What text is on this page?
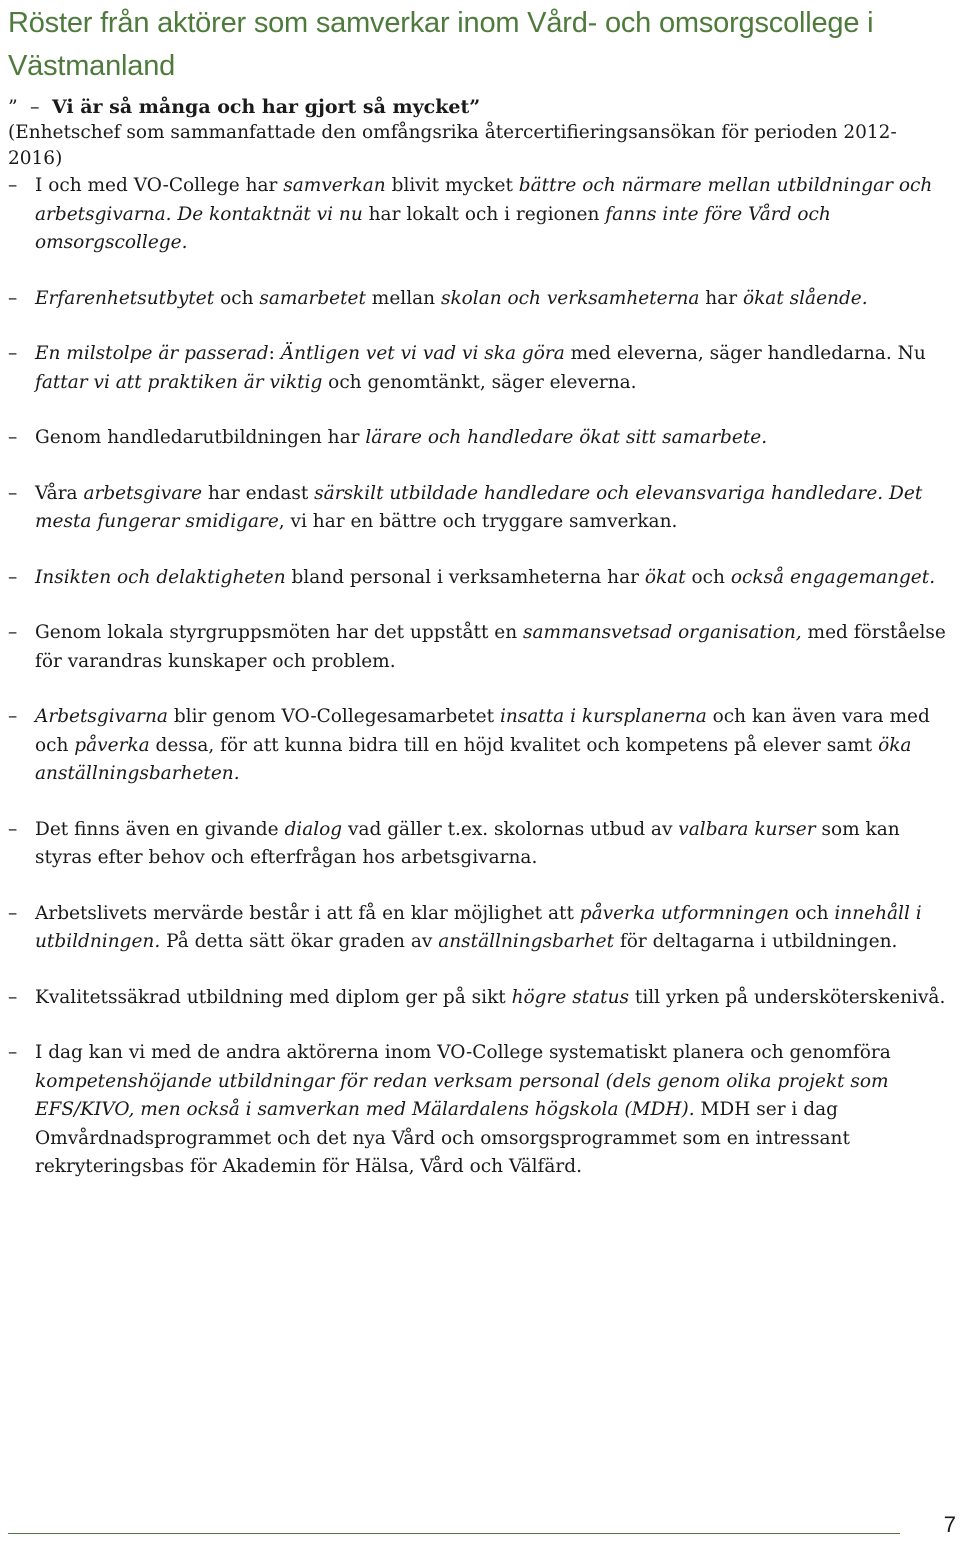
Röster från aktörer som samverkar inom Vård- och omsorgscollege i Västmanland

” – Vi är så många och har gjort så mycket”

(Enhetschef som sammanfattade den omfångsrika återcertifieringsansökan för perioden 2012-2016)

– I och med VO-College har samverkan blivit mycket bättre och närmare mellan utbildningar och arbetsgivarna. De kontaktnät vi nu har lokalt och i regionen fanns inte före Vård och omsorgscollege.
– Erfarenhetsutbytet och samarbetet mellan skolan och verksamheterna har ökat slående.
– En milstolpe är passerad: Äntligen vet vi vad vi ska göra med eleverna, säger handledarna. Nu fattar vi att praktiken är viktig och genomtänkt, säger eleverna.
– Genom handledarutbildningen har lärare och handledare ökat sitt samarbete.
– Våra arbetsgivare har endast särskilt utbildade handledare och elevansvariga handledare. Det mesta fungerar smidigare, vi har en bättre och tryggare samverkan.
– Insikten och delaktigheten bland personal i verksamheterna har ökat och också engagemanget.
– Genom lokala styrgruppsmöten har det uppstått en sammansvetsad organisation, med förståelse för varandras kunskaper och problem.
– Arbetsgivarna blir genom VO-Collegesamarbetet insatta i kursplanerna och kan även vara med och påverka dessa, för att kunna bidra till en höjd kvalitet och kompetens på elever samt öka anställningsbarheten.
– Det finns även en givande dialog vad gäller t.ex. skolornas utbud av valbara kurser som kan styras efter behov och efterfrågan hos arbetsgivarna.
– Arbetslivets mervärde består i att få en klar möjlighet att påverka utformningen och innehåll i utbildningen. På detta sätt ökar graden av anställningsbarhet för deltagarna i utbildningen.
– Kvalitetssäkrad utbildning med diplom ger på sikt högre status till yrken på undersköterskenivå.
– I dag kan vi med de andra aktörerna inom VO-College systematiskt planera och genomföra kompetenshöjande utbildningar för redan verksam personal (dels genom olika projekt som EFS/KIVO, men också i samverkan med Mälardalens högskola (MDH). MDH ser i dag Omvårdnadsprogrammet och det nya Vård och omsorgsprogrammet som en intressant rekryteringsbas för Akademin för Hälsa, Vård och Välfärd.
7
